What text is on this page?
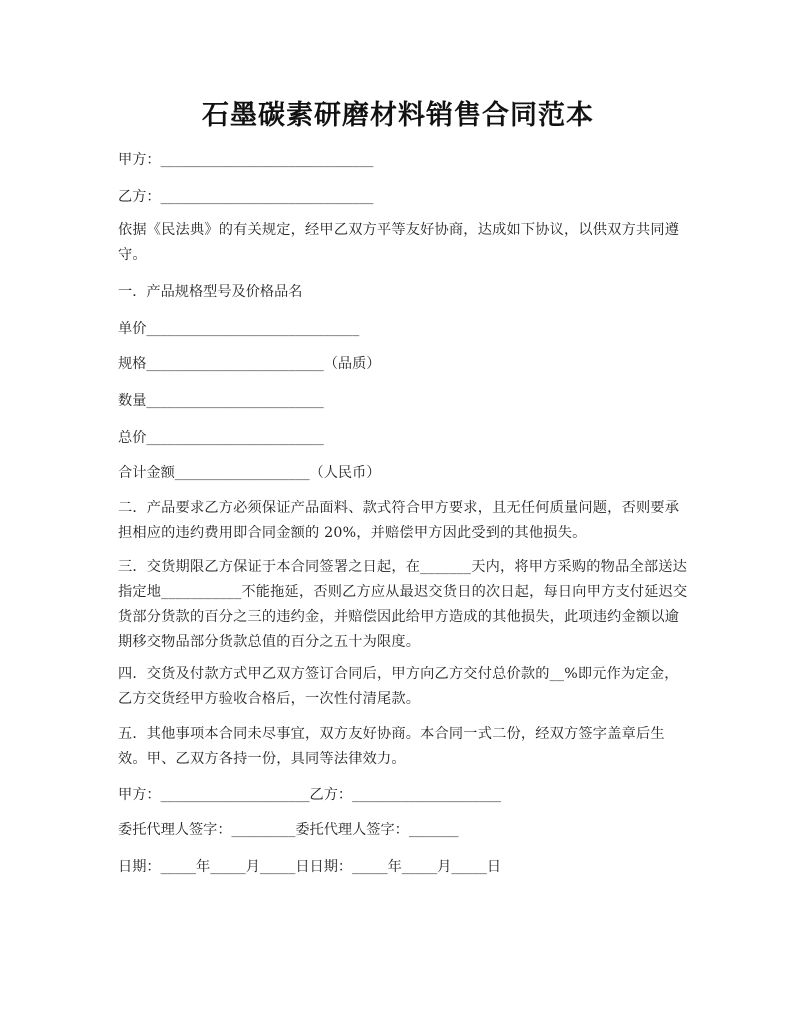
石墨碳素研磨材料销售合同范本
甲方：______________________________
乙方：______________________________
依据《民法典》的有关规定，经甲乙双方平等友好协商，达成如下协议，以供双方共同遵守。
一．产品规格型号及价格品名
单价______________________________
规格_________________________（品质）
数量_________________________
总价_________________________
合计金额___________________（人民币）
二．产品要求乙方必须保证产品面料、款式符合甲方要求，且无任何质量问题，否则要承担相应的违约费用即合同金额的 20%，并赔偿甲方因此受到的其他损失。
三．交货期限乙方保证于本合同签署之日起，在_______天内，将甲方采购的物品全部送达指定地___________不能拖延，否则乙方应从最迟交货日的次日起，每日向甲方支付延迟交货部分货款的百分之三的违约金，并赔偿因此给甲方造成的其他损失，此项违约金额以逾期移交物品部分货款总值的百分之五十为限度。
四．交货及付款方式甲乙双方签订合同后，甲方向乙方交付总价款的__%即元作为定金，乙方交货经甲方验收合格后，一次性付清尾款。
五．其他事项本合同未尽事宜，双方友好协商。本合同一式二份，经双方签字盖章后生效。甲、乙双方各持一份，具同等法律效力。
甲方：_____________________乙方：_____________________
委托代理人签字：_________委托代理人签字：_______
日期：_____年_____月_____日日期：_____年_____月_____日
